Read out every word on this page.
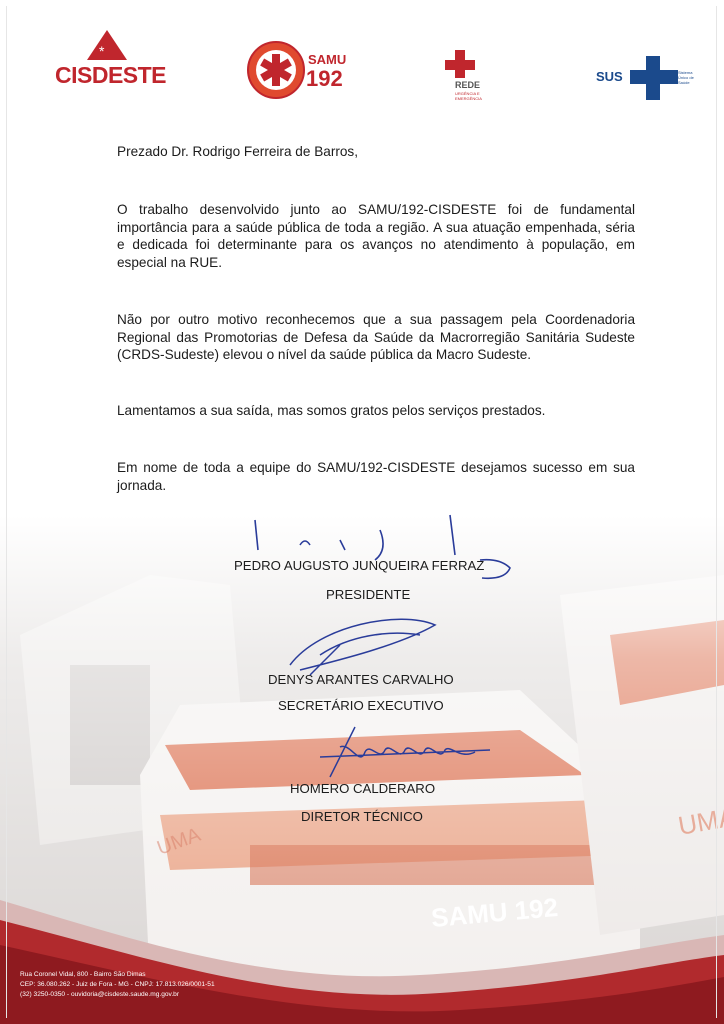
*
CISDESTE
SAMU
192	REDE
URGÊNCIA E EMERGÊNCIA
SUS	Sistema Único de Saúde
Prezado Dr. Rodrigo Ferreira de Barros,

O trabalho desenvolvido junto ao SAMU/192-CISDESTE foi de fundamental importância para a saúde pública de toda a região. A sua atuação empenhada, séria e dedicada foi determinante para os avanços no atendimento à população, em especial na RUE.

Não por outro motivo reconhecemos que a sua passagem pela Coordenadoria Regional das Promotorias de Defesa da Saúde da Macrorregião Sanitária Sudeste (CRDS-Sudeste) elevou o nível da saúde pública da Macro Sudeste.

Lamentamos a sua saída, mas somos gratos pelos serviços prestados.

Em nome de toda a equipe do SAMU/192-CISDESTE desejamos sucesso em sua jornada.

PEDRO AUGUSTO JUNQUEIRA FERRAZ
PRESIDENTE
DENYS ARANTES CARVALHO
SECRETÁRIO EXECUTIVO
HOMERO CALDERARO
DIRETOR TÉCNICO
Rua Coronel Vidal, 800 - Bairro São Dimas
CEP: 36.080.262 - Juiz de Fora - MG - CNPJ: 17.813.026/0001-51
(32) 3250-0350 - ouvidoria@cisdeste.saude.mg.gov.br
